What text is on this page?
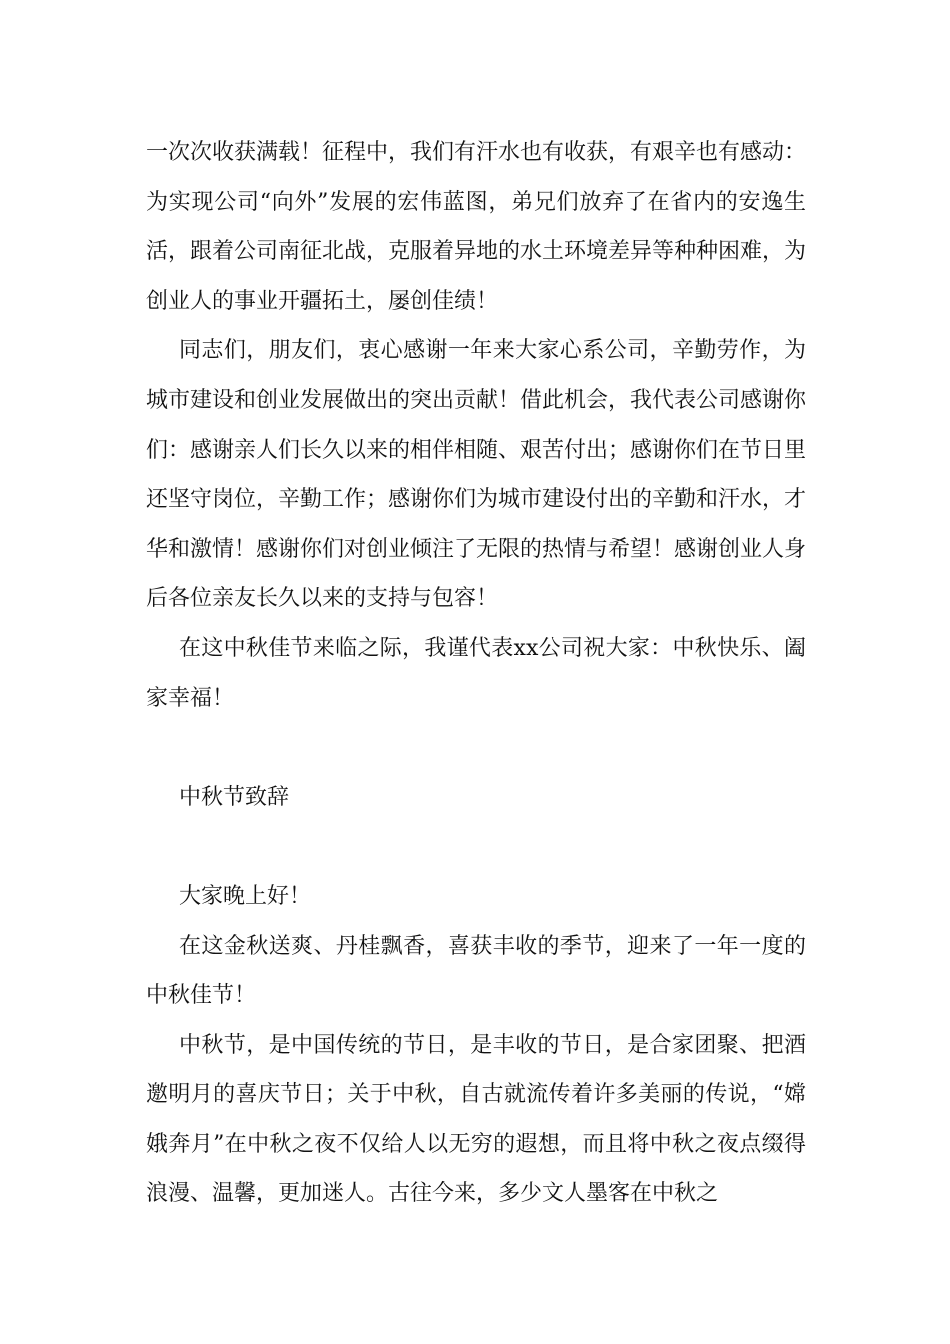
一次次收获满载！征程中，我们有汗水也有收获，有艰辛也有感动：为实现公司“向外”发展的宏伟蓝图，弟兄们放弃了在省内的安逸生活，跟着公司南征北战，克服着异地的水土环境差异等种种困难，为创业人的事业开疆拓土，屡创佳绩！

同志们，朋友们，衷心感谢一年来大家心系公司，辛勤劳作，为城市建设和创业发展做出的突出贡献！借此机会，我代表公司感谢你们：感谢亲人们长久以来的相伴相随、艰苦付出；感谢你们在节日里还坚守岗位，辛勤工作；感谢你们为城市建设付出的辛勤和汗水，才华和激情！感谢你们对创业倾注了无限的热情与希望！感谢创业人身后各位亲友长久以来的支持与包容！

在这中秋佳节来临之际，我谨代表xx公司祝大家：中秋快乐、阖家幸福！

中秋节致辞

大家晚上好！

在这金秋送爽、丹桂飘香，喜获丰收的季节，迎来了一年一度的中秋佳节！

中秋节，是中国传统的节日，是丰收的节日，是合家团聚、把酒邀明月的喜庆节日；关于中秋，自古就流传着许多美丽的传说，“嫦娥奔月”在中秋之夜不仅给人以无穷的遐想，而且将中秋之夜点缀得浪漫、温馨，更加迷人。古往今来，多少文人墨客在中秋之
